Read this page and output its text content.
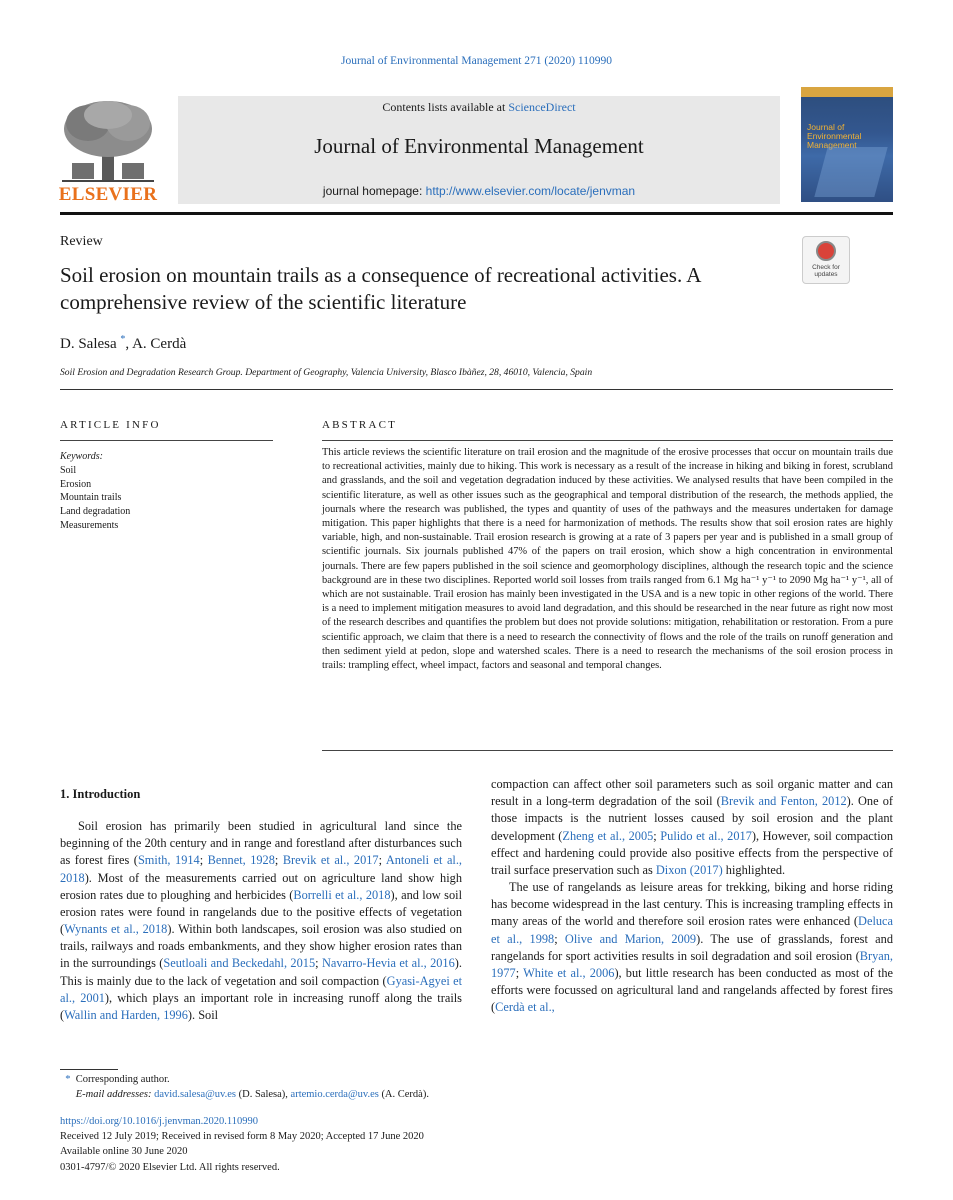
Journal of Environmental Management 271 (2020) 110990
ELSEVIER
Contents lists available at ScienceDirect
Journal of Environmental Management
journal homepage: http://www.elsevier.com/locate/jenvman
Journal of Environmental Management
Review
Check for updates
Soil erosion on mountain trails as a consequence of recreational activities. A comprehensive review of the scientific literature
D. Salesa *, A. Cerdà
Soil Erosion and Degradation Research Group. Department of Geography, Valencia University, Blasco Ibàñez, 28, 46010, Valencia, Spain
ARTICLE INFO
Keywords:
Soil
Erosion
Mountain trails
Land degradation
Measurements
ABSTRACT
This article reviews the scientific literature on trail erosion and the magnitude of the erosive processes that occur on mountain trails due to recreational activities, mainly due to hiking. This work is necessary as a result of the increase in hiking and biking in forest, scrubland and grasslands, and the soil and vegetation degradation induced by these activities. We analysed results that have been compiled in the scientific literature, as well as other issues such as the geographical and temporal distribution of the research, the methods applied, the journals where the research was published, the types and quantity of uses of the pathways and the measures undertaken for damage mitigation. This paper highlights that there is a need for harmonization of methods. The results show that soil erosion rates are highly variable, high, and non-sustainable. Trail erosion research is growing at a rate of 3 papers per year and is published in a small group of scientific journals. Six journals published 47% of the papers on trail erosion, which show a high concentration in environmental journals. There are few papers published in the soil science and geomorphology disciplines, although the research topic and the science background are in these two disciplines. Reported world soil losses from trails ranged from 6.1 Mg ha⁻¹ y⁻¹ to 2090 Mg ha⁻¹ y⁻¹, all of which are not sustainable. Trail erosion has mainly been investigated in the USA and is a new topic in other regions of the world. There is a need to implement mitigation measures to avoid land degradation, and this should be researched in the near future as right now most of the research describes and quantifies the problem but does not provide solutions: mitigation, rehabilitation or restoration. From a pure scientific approach, we claim that there is a need to research the connectivity of flows and the role of the trails on runoff generation and then sediment yield at pedon, slope and watershed scales. There is a need to research the mechanisms of the soil erosion process in trails: trampling effect, wheel impact, factors and seasonal and temporal changes.
1. Introduction
Soil erosion has primarily been studied in agricultural land since the beginning of the 20th century and in range and forestland after disturbances such as forest fires (Smith, 1914; Bennet, 1928; Brevik et al., 2017; Antoneli et al., 2018). Most of the measurements carried out on agriculture land show high erosion rates due to ploughing and herbicides (Borrelli et al., 2018), and low soil erosion rates were found in rangelands due to the positive effects of vegetation (Wynants et al., 2018). Within both landscapes, soil erosion was also studied on trails, railways and roads embankments, and they show higher erosion rates than in the surroundings (Seutloali and Beckedahl, 2015; Navarro-Hevia et al., 2016). This is mainly due to the lack of vegetation and soil compaction (Gyasi-Agyei et al., 2001), which plays an important role in increasing runoff along the trails (Wallin and Harden, 1996). Soil

compaction can affect other soil parameters such as soil organic matter and can result in a long-term degradation of the soil (Brevik and Fenton, 2012). One of those impacts is the nutrient losses caused by soil erosion and the plant development (Zheng et al., 2005; Pulido et al., 2017), However, soil compaction effect and hardening could provide also positive effects from the perspective of trail surface preservation such as Dixon (2017) highlighted.

The use of rangelands as leisure areas for trekking, biking and horse riding has become widespread in the last century. This is increasing trampling effects in many areas of the world and therefore soil erosion rates were enhanced (Deluca et al., 1998; Olive and Marion, 2009). The use of grasslands, forest and rangelands for sport activities results in soil degradation and soil erosion (Bryan, 1977; White et al., 2006), but little research has been conducted as most of the efforts were focussed on agricultural land and rangelands affected by forest fires (Cerdà et al.,

* Corresponding author.
E-mail addresses: david.salesa@uv.es (D. Salesa), artemio.cerda@uv.es (A. Cerdà).
https://doi.org/10.1016/j.jenvman.2020.110990
Received 12 July 2019; Received in revised form 8 May 2020; Accepted 17 June 2020
Available online 30 June 2020
0301-4797/© 2020 Elsevier Ltd. All rights reserved.
